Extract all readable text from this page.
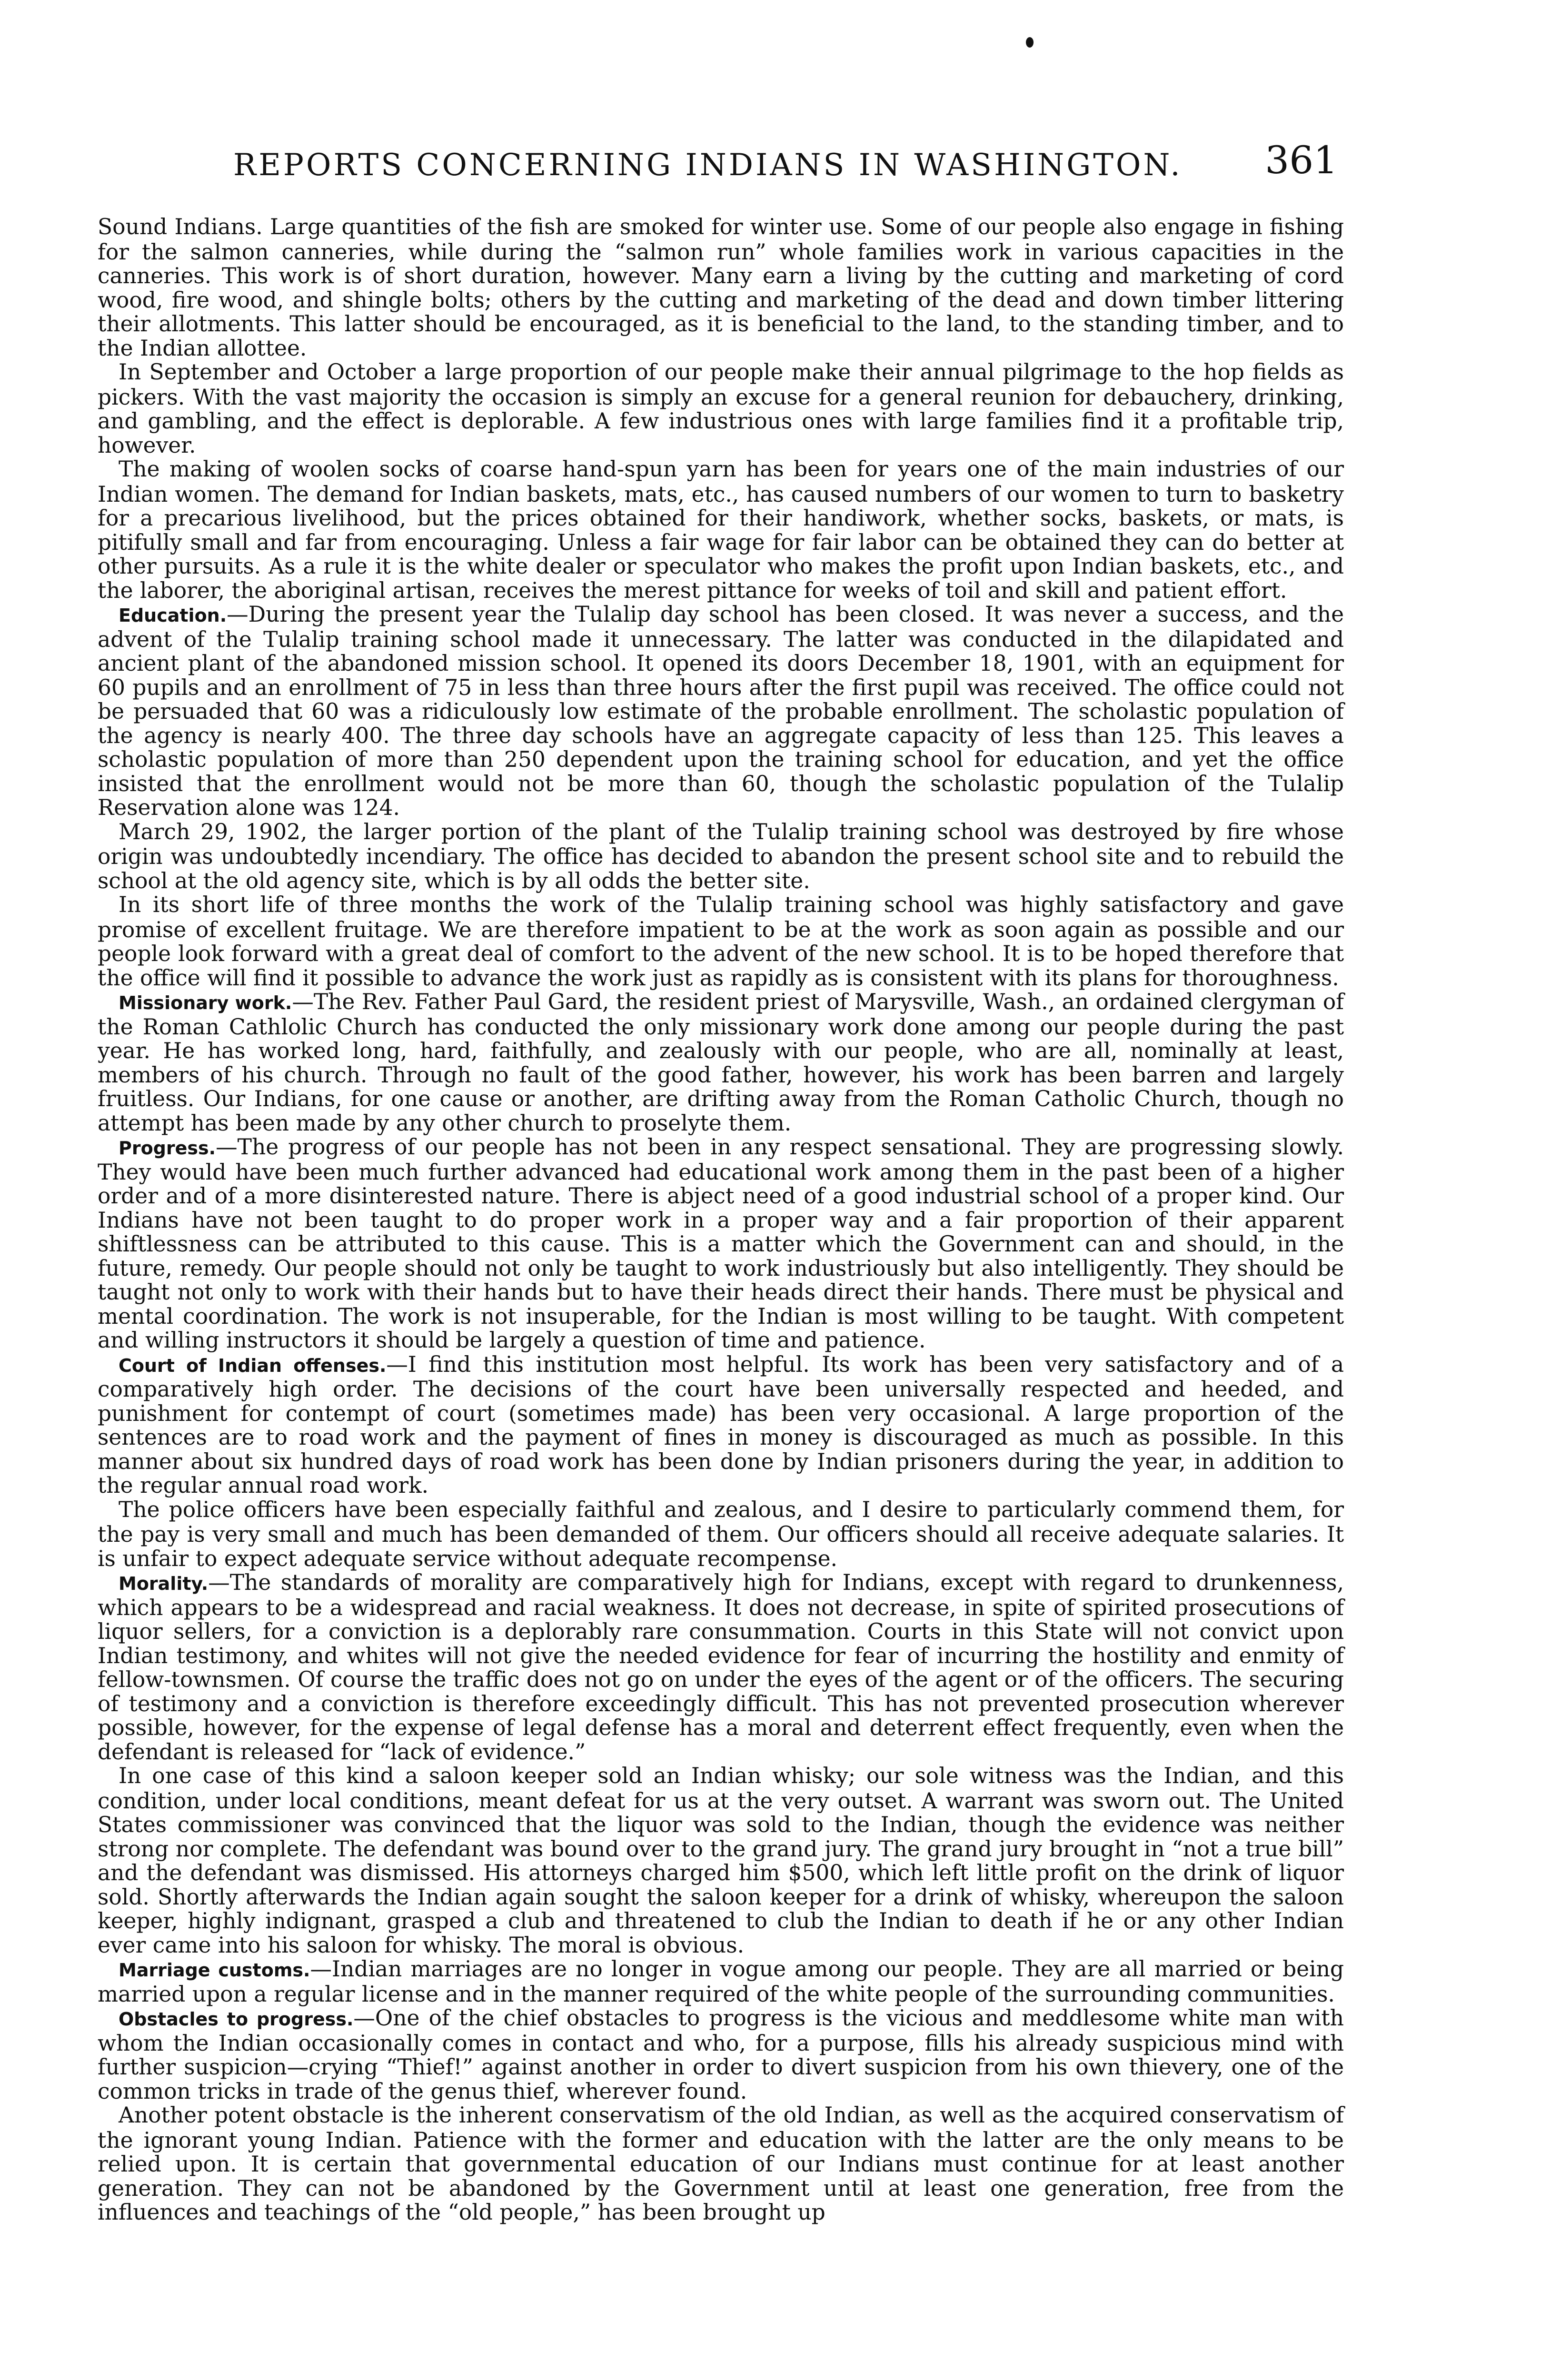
REPORTS CONCERNING INDIANS IN WASHINGTON. 361

Sound Indians. Large quantities of the fish are smoked for winter use. Some of our people also engage in fishing for the salmon canneries, while during the “salmon run” whole families work in various capacities in the canneries. This work is of short duration, however. Many earn a living by the cutting and marketing of cord wood, fire wood, and shingle bolts; others by the cutting and marketing of the dead and down timber littering their allotments. This latter should be encouraged, as it is beneficial to the land, to the standing timber, and to the Indian allottee.

In September and October a large proportion of our people make their annual pilgrimage to the hop fields as pickers. With the vast majority the occasion is simply an excuse for a general reunion for debauchery, drinking, and gambling, and the effect is deplorable. A few industrious ones with large families find it a profitable trip, however.

The making of woolen socks of coarse hand-spun yarn has been for years one of the main industries of our Indian women. The demand for Indian baskets, mats, etc., has caused numbers of our women to turn to basketry for a precarious livelihood, but the prices obtained for their handiwork, whether socks, baskets, or mats, is pitifully small and far from encouraging. Unless a fair wage for fair labor can be obtained they can do better at other pursuits. As a rule it is the white dealer or speculator who makes the profit upon Indian baskets, etc., and the laborer, the aboriginal artisan, receives the merest pittance for weeks of toil and skill and patient effort.

Education.—During the present year the Tulalip day school has been closed. It was never a success, and the advent of the Tulalip training school made it unnecessary. The latter was conducted in the dilapidated and ancient plant of the abandoned mission school. It opened its doors December 18, 1901, with an equipment for 60 pupils and an enrollment of 75 in less than three hours after the first pupil was received. The office could not be persuaded that 60 was a ridiculously low estimate of the probable enrollment. The scholastic population of the agency is nearly 400. The three day schools have an aggregate capacity of less than 125. This leaves a scholastic population of more than 250 dependent upon the training school for education, and yet the office insisted that the enrollment would not be more than 60, though the scholastic population of the Tulalip Reservation alone was 124.

March 29, 1902, the larger portion of the plant of the Tulalip training school was destroyed by fire whose origin was undoubtedly incendiary. The office has decided to abandon the present school site and to rebuild the school at the old agency site, which is by all odds the better site.

In its short life of three months the work of the Tulalip training school was highly satisfactory and gave promise of excellent fruitage. We are therefore impatient to be at the work as soon again as possible and our people look forward with a great deal of comfort to the advent of the new school. It is to be hoped therefore that the office will find it possible to advance the work just as rapidly as is consistent with its plans for thoroughness.

Missionary work.—The Rev. Father Paul Gard, the resident priest of Marysville, Wash., an ordained clergyman of the Roman Cathlolic Church has conducted the only missionary work done among our people during the past year. He has worked long, hard, faithfully, and zealously with our people, who are all, nominally at least, members of his church. Through no fault of the good father, however, his work has been barren and largely fruitless. Our Indians, for one cause or another, are drifting away from the Roman Catholic Church, though no attempt has been made by any other church to proselyte them.

Progress.—The progress of our people has not been in any respect sensational. They are progressing slowly. They would have been much further advanced had educational work among them in the past been of a higher order and of a more disinterested nature. There is abject need of a good industrial school of a proper kind. Our Indians have not been taught to do proper work in a proper way and a fair proportion of their apparent shiftlessness can be attributed to this cause. This is a matter which the Government can and should, in the future, remedy. Our people should not only be taught to work industriously but also intelligently. They should be taught not only to work with their hands but to have their heads direct their hands. There must be physical and mental coordination. The work is not insuperable, for the Indian is most willing to be taught. With competent and willing instructors it should be largely a question of time and patience.

Court of Indian offenses.—I find this institution most helpful. Its work has been very satisfactory and of a comparatively high order. The decisions of the court have been universally respected and heeded, and punishment for contempt of court (sometimes made) has been very occasional. A large proportion of the sentences are to road work and the payment of fines in money is discouraged as much as possible. In this manner about six hundred days of road work has been done by Indian prisoners during the year, in addition to the regular annual road work.

The police officers have been especially faithful and zealous, and I desire to particularly commend them, for the pay is very small and much has been demanded of them. Our officers should all receive adequate salaries. It is unfair to expect adequate service without adequate recompense.

Morality.—The standards of morality are comparatively high for Indians, except with regard to drunkenness, which appears to be a widespread and racial weakness. It does not decrease, in spite of spirited prosecutions of liquor sellers, for a conviction is a deplorably rare consummation. Courts in this State will not convict upon Indian testimony, and whites will not give the needed evidence for fear of incurring the hostility and enmity of fellow-townsmen. Of course the traffic does not go on under the eyes of the agent or of the officers. The securing of testimony and a conviction is therefore exceedingly difficult. This has not prevented prosecution wherever possible, however, for the expense of legal defense has a moral and deterrent effect frequently, even when the defendant is released for “lack of evidence.”

In one case of this kind a saloon keeper sold an Indian whisky; our sole witness was the Indian, and this condition, under local conditions, meant defeat for us at the very outset. A warrant was sworn out. The United States commissioner was convinced that the liquor was sold to the Indian, though the evidence was neither strong nor complete. The defendant was bound over to the grand jury. The grand jury brought in “not a true bill” and the defendant was dismissed. His attorneys charged him $500, which left little profit on the drink of liquor sold. Shortly afterwards the Indian again sought the saloon keeper for a drink of whisky, whereupon the saloon keeper, highly indignant, grasped a club and threatened to club the Indian to death if he or any other Indian ever came into his saloon for whisky. The moral is obvious.

Marriage customs.—Indian marriages are no longer in vogue among our people. They are all married or being married upon a regular license and in the manner required of the white people of the surrounding communities.

Obstacles to progress.—One of the chief obstacles to progress is the vicious and meddlesome white man with whom the Indian occasionally comes in contact and who, for a purpose, fills his already suspicious mind with further suspicion—crying “Thief!” against another in order to divert suspicion from his own thievery, one of the common tricks in trade of the genus thief, wherever found.

Another potent obstacle is the inherent conservatism of the old Indian, as well as the acquired conservatism of the ignorant young Indian. Patience with the former and education with the latter are the only means to be relied upon. It is certain that governmental education of our Indians must continue for at least another generation. They can not be abandoned by the Government until at least one generation, free from the influences and teachings of the “old people,” has been brought up
